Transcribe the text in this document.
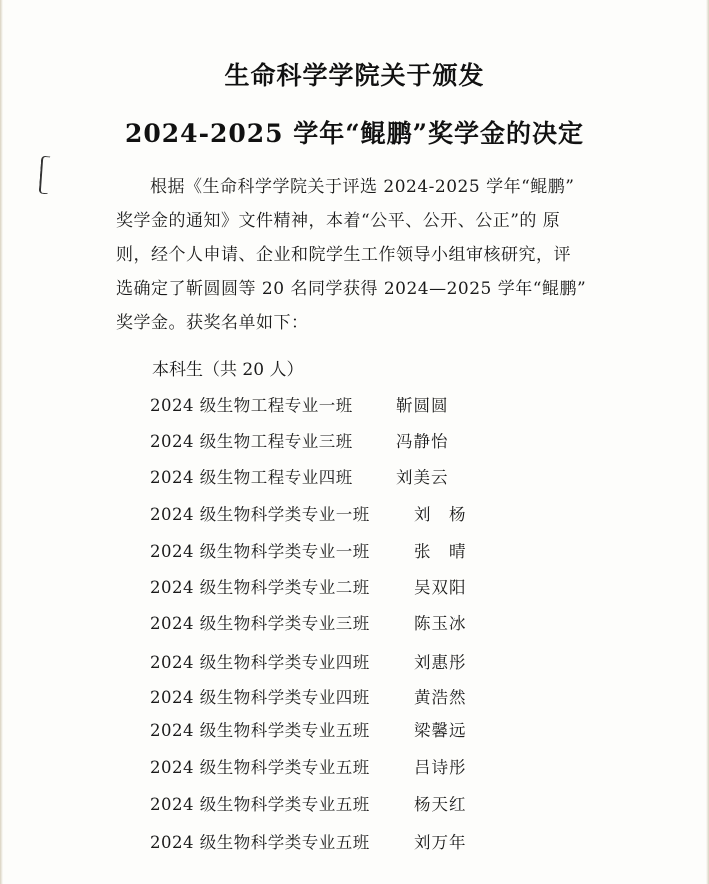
生命科学学院关于颁发
2024-2025 学年“鲲鹏”奖学金的决定
根据《生命科学学院关于评选 2024-2025 学年“鲲鹏”
奖学金的通知》文件精神，本着“公平、公开、公正”的 原
则，经个人申请、企业和院学生工作领导小组审核研究，评
选确定了靳圆圆等 20 名同学获得 2024—2025 学年“鲲鹏”
奖学金。获奖名单如下：
本科生（共 20 人）
2024 级生物工程专业一班	靳圆圆
2024 级生物工程专业三班	冯静怡
2024 级生物工程专业四班	刘美云
2024 级生物科学类专业一班	刘　杨
2024 级生物科学类专业一班	张　晴
2024 级生物科学类专业二班	吴双阳
2024 级生物科学类专业三班	陈玉冰
2024 级生物科学类专业四班	刘惠彤
2024 级生物科学类专业四班	黄浩然
2024 级生物科学类专业五班	梁馨远
2024 级生物科学类专业五班	吕诗彤
2024 级生物科学类专业五班	杨天红
2024 级生物科学类专业五班	刘万年
